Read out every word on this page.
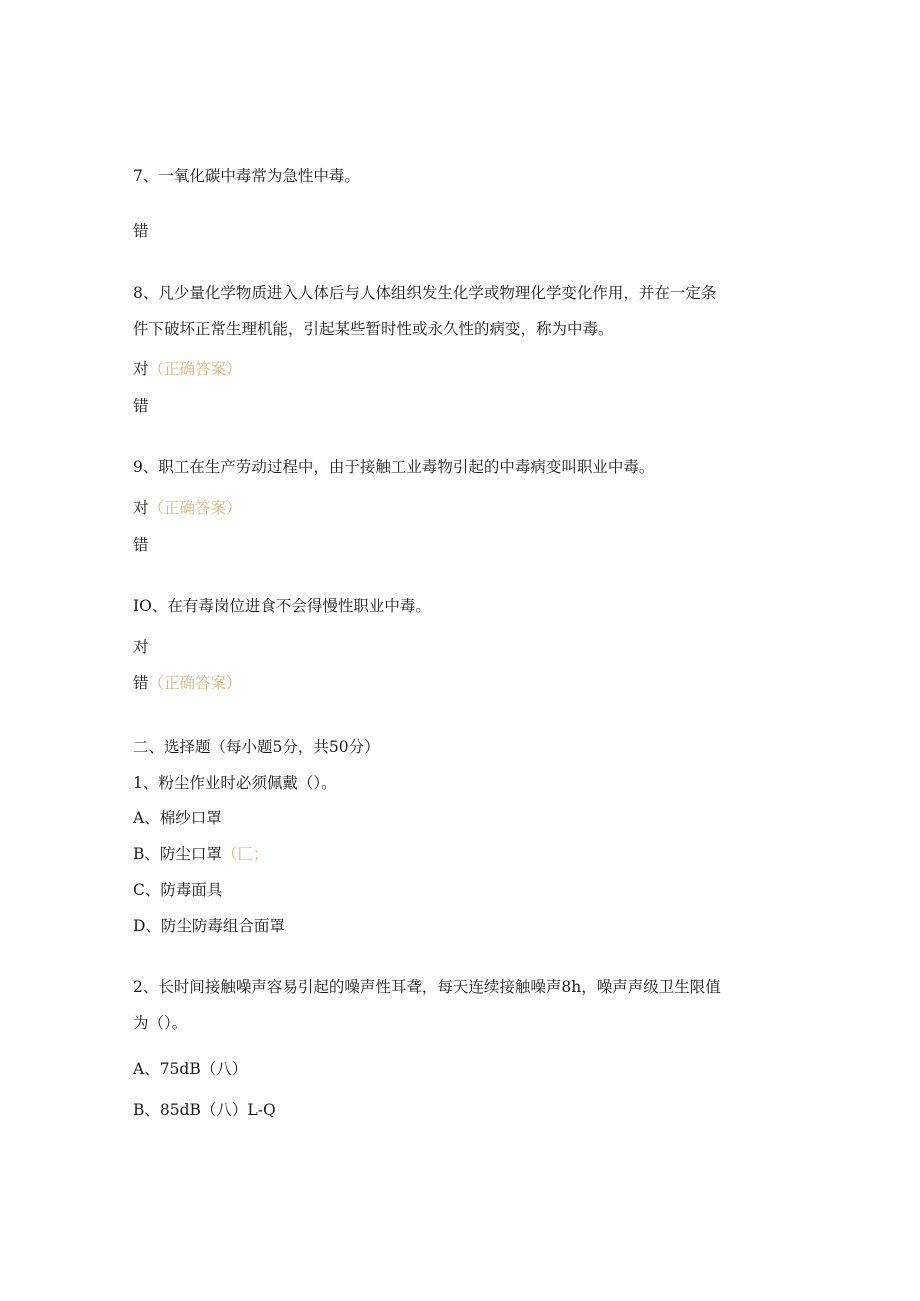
7、一氧化碳中毒常为急性中毒。
错
8、凡少量化学物质进入人体后与人体组织发生化学或物理化学变化作用，并在一定条
件下破坏正常生理机能，引起某些暂时性或永久性的病变，称为中毒。
对（正确答案）
错
9、职工在生产劳动过程中，由于接触工业毒物引起的中毒病变叫职业中毒。
对（正确答案）
错
IO、在有毒岗位进食不会得慢性职业中毒。
对
错（正确答案）
二、选择题（每小题5分，共50分）
1、粉尘作业时必须佩戴（）。
A、棉纱口罩
B、防尘口罩（匚；
C、防毒面具
D、防尘防毒组合面罩
2、长时间接触噪声容易引起的噪声性耳聋，每天连续接触噪声8h，噪声声级卫生限值
为（）。
A、75dB（八）
B、85dB（八）L-Q
